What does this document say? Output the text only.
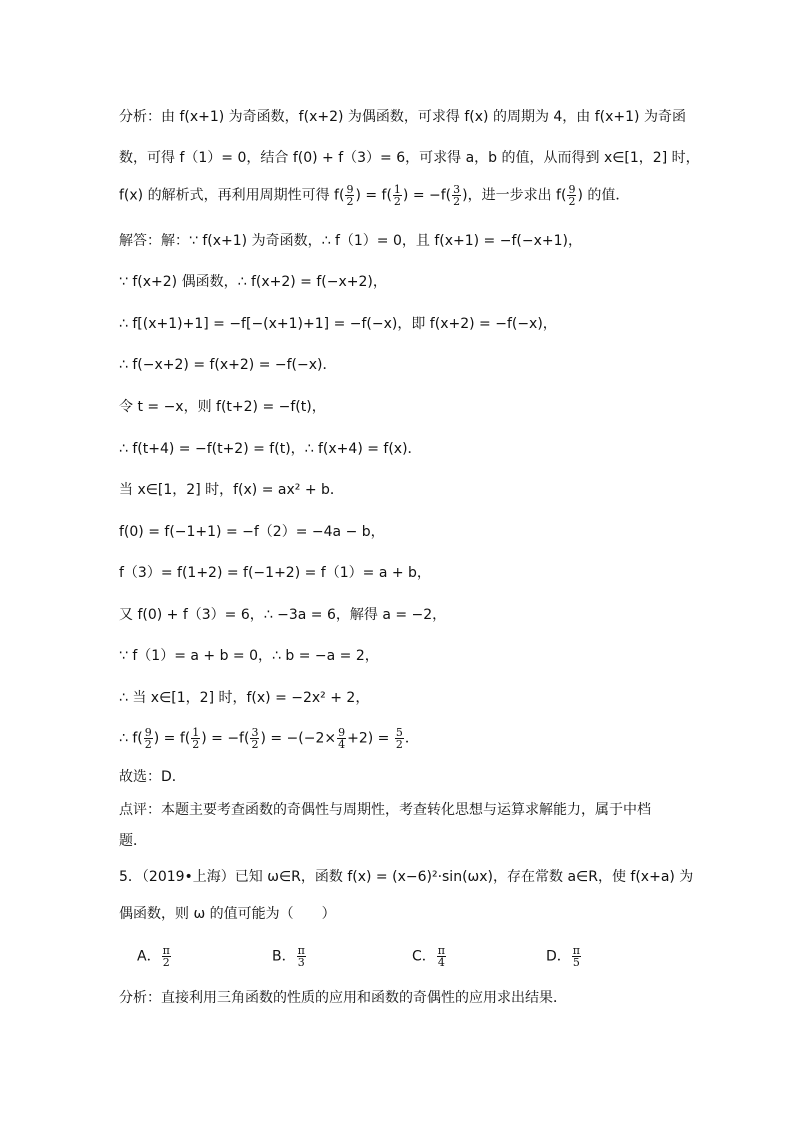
分析：由 f(x+1) 为奇函数，f(x+2) 为偶函数，可求得 f(x) 的周期为 4，由 f(x+1) 为奇函
数，可得 f（1）= 0，结合 f(0) + f（3）= 6，可求得 a，b 的值，从而得到 x∈[1，2] 时，
f(x) 的解析式，再利用周期性可得 $f( \frac{9}{2}$ ) = $f( \frac{1}{2}$ ) = $-f( \frac{3}{2}$ )，进一步求出 $f( \frac{9}{2}$ ) 的值．
解答：解：∵ f(x+1) 为奇函数，∴ f（1）= 0，且 f(x+1) = −f(−x+1)，
∵ f(x+2) 偶函数，∴ f(x+2) = f(−x+2)，
∴ f[(x+1)+1] = −f[−(x+1)+1] = −f(−x)，即 f(x+2) = −f(−x)，
∴ f(−x+2) = f(x+2) = −f(−x)．
令 t = −x，则 f(t+2) = −f(t)，
∴ f(t+4) = −f(t+2) = f(t)，∴ f(x+4) = f(x)．
当 x∈[1，2] 时，f(x) = ax² + b．
f(0) = f(−1+1) = −f（2）= −4a − b，
f（3）= f(1+2) = f(−1+2) = f（1）= a + b，
又 f(0) + f（3）= 6，∴ −3a = 6，解得 a = −2，
∵ f（1）= a + b = 0，∴ b = −a = 2，
∴ 当 x∈[1，2] 时，f(x) = −2x² + 2，
∴ $f( \frac{9}{2}$ ) = $f( \frac{1}{2}$ ) = $-f( \frac{3}{2}$ ) = $-(-2\times \frac{9}{4} +2) = \frac{5}{2}$ ．
故选：D．
点评：本题主要考查函数的奇偶性与周期性，考查转化思想与运算求解能力，属于中档
题．
5．（2019•上海）已知 ω∈R，函数 f(x) = (x−6)²·sin(ωx)，存在常数 a∈R，使 f(x+a) 为
偶函数，则 ω 的值可能为（　　）
A． $\frac{\pi}{2}$	B． $\frac{\pi}{3}$	C． $\frac{\pi}{4}$	D． $\frac{\pi}{5}$
分析：直接利用三角函数的性质的应用和函数的奇偶性的应用求出结果．
